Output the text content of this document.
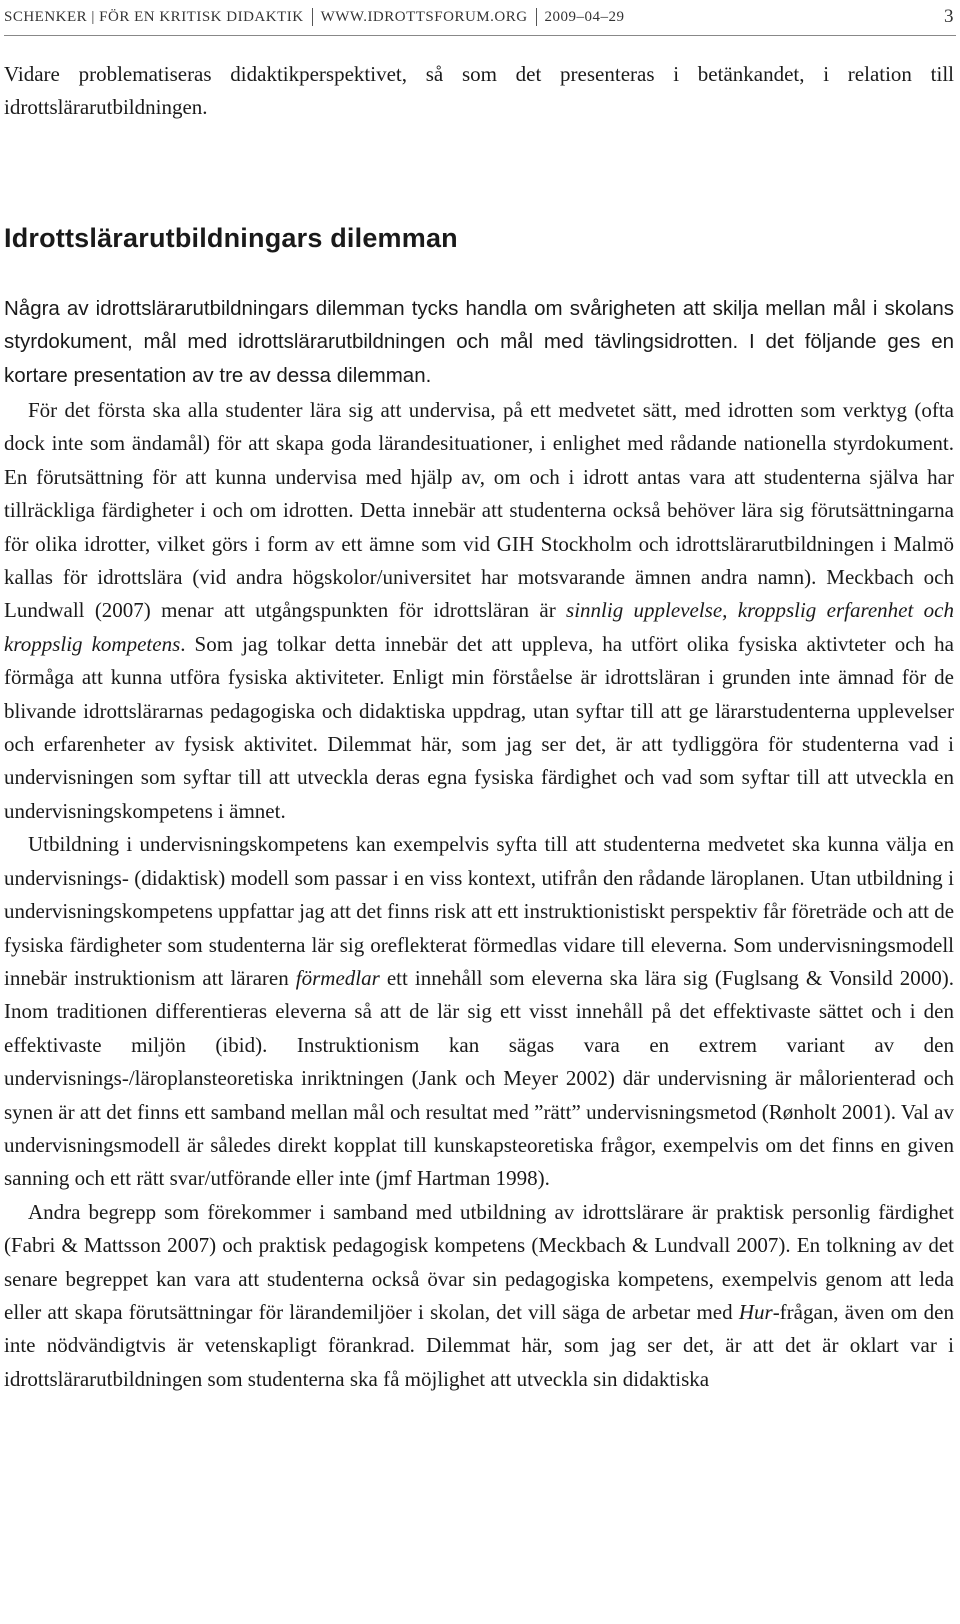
SCHENKER | FÖR EN KRITISK DIDAKTIK WWW.IDROTTSFORUM.ORG 2009–04–29	3

Vidare problematiseras didaktikperspektivet, så som det presenteras i betänkandet, i relation till idrottslärarutbildningen.

Idrottslärarutbildningars dilemman

Några av idrottslärarutbildningars dilemman tycks handla om svårigheten att skilja mellan mål i skolans styrdokument, mål med idrottslärarutbildningen och mål med tävlingsidrotten. I det följande ges en kortare presentation av tre av dessa dilemman.

För det första ska alla studenter lära sig att undervisa, på ett medvetet sätt, med idrotten som verktyg (ofta dock inte som ändamål) för att skapa goda lärandesituationer, i enlighet med rådande nationella styrdokument. En förutsättning för att kunna undervisa med hjälp av, om och i idrott antas vara att studenterna själva har tillräckliga färdigheter i och om idrotten. Detta innebär att studenterna också behöver lära sig förutsättningarna för olika idrotter, vilket görs i form av ett ämne som vid GIH Stockholm och idrottslärarutbildningen i Malmö kallas för idrottslära (vid andra högskolor/universitet har motsvarande ämnen andra namn). Meckbach och Lundwall (2007) menar att utgångspunkten för idrottsläran är sinnlig upplevelse, kroppslig erfarenhet och kroppslig kompetens. Som jag tolkar detta innebär det att uppleva, ha utfört olika fysiska aktivteter och ha förmåga att kunna utföra fysiska aktiviteter. Enligt min förståelse är idrottsläran i grunden inte ämnad för de blivande idrottslärarnas pedagogiska och didaktiska uppdrag, utan syftar till att ge lärarstudenterna upplevelser och erfarenheter av fysisk aktivitet. Dilemmat här, som jag ser det, är att tydliggöra för studenterna vad i undervisningen som syftar till att utveckla deras egna fysiska färdighet och vad som syftar till att utveckla en undervisningskompetens i ämnet.

Utbildning i undervisningskompetens kan exempelvis syfta till att studenterna medvetet ska kunna välja en undervisnings- (didaktisk) modell som passar i en viss kontext, utifrån den rådande läroplanen. Utan utbildning i undervisningskompetens uppfattar jag att det finns risk att ett instruktionistiskt perspektiv får företräde och att de fysiska färdigheter som studenterna lär sig oreflekterat förmedlas vidare till eleverna. Som undervisningsmodell innebär instruktionism att läraren förmedlar ett innehåll som eleverna ska lära sig (Fuglsang & Vonsild 2000). Inom traditionen differentieras eleverna så att de lär sig ett visst innehåll på det effektivaste sättet och i den effektivaste miljön (ibid). Instruktionism kan sägas vara en extrem variant av den undervisnings-/läroplansteoretiska inriktningen (Jank och Meyer 2002) där undervisning är målorienterad och synen är att det finns ett samband mellan mål och resultat med ”rätt” undervisningsmetod (Rønholt 2001). Val av undervisningsmodell är således direkt kopplat till kunskapsteoretiska frågor, exempelvis om det finns en given sanning och ett rätt svar/utförande eller inte (jmf Hartman 1998).

Andra begrepp som förekommer i samband med utbildning av idrottslärare är praktisk personlig färdighet (Fabri & Mattsson 2007) och praktisk pedagogisk kompetens (Meckbach & Lundvall 2007). En tolkning av det senare begreppet kan vara att studenterna också övar sin pedagogiska kompetens, exempelvis genom att leda eller att skapa förutsättningar för lärandemiljöer i skolan, det vill säga de arbetar med Hur-frågan, även om den inte nödvändigtvis är vetenskapligt förankrad. Dilemmat här, som jag ser det, är att det är oklart var i idrottslärarutbildningen som studenterna ska få möjlighet att utveckla sin didaktiska
